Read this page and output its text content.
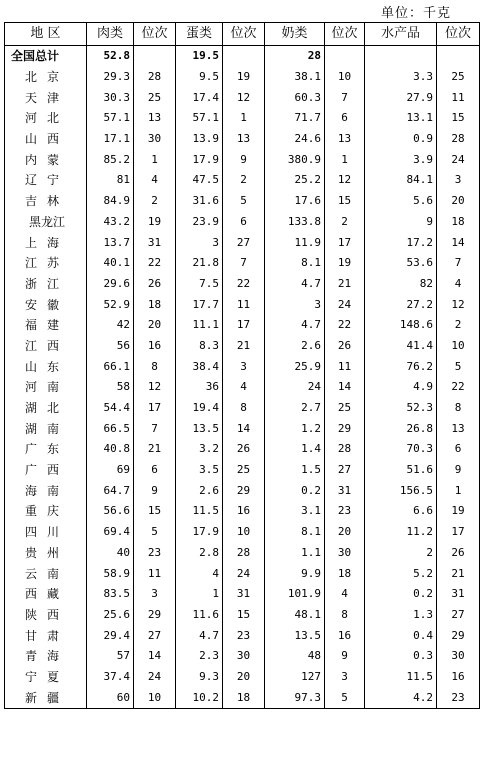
单位：千克
地 区	肉类	位次	蛋类	位次	奶类	位次	水产品	位次
全国总计	52.8		19.5		28			
北京	29.3	28	9.5	19	38.1	10	3.3	25
天津	30.3	25	17.4	12	60.3	7	27.9	11
河北	57.1	13	57.1	1	71.7	6	13.1	15
山西	17.1	30	13.9	13	24.6	13	0.9	28
内蒙	85.2	1	17.9	9	380.9	1	3.9	24
辽宁	81	4	47.5	2	25.2	12	84.1	3
吉林	84.9	2	31.6	5	17.6	15	5.6	20
黑龙江	43.2	19	23.9	6	133.8	2	9	18
上海	13.7	31	3	27	11.9	17	17.2	14
江苏	40.1	22	21.8	7	8.1	19	53.6	7
浙江	29.6	26	7.5	22	4.7	21	82	4
安徽	52.9	18	17.7	11	3	24	27.2	12
福建	42	20	11.1	17	4.7	22	148.6	2
江西	56	16	8.3	21	2.6	26	41.4	10
山东	66.1	8	38.4	3	25.9	11	76.2	5
河南	58	12	36	4	24	14	4.9	22
湖北	54.4	17	19.4	8	2.7	25	52.3	8
湖南	66.5	7	13.5	14	1.2	29	26.8	13
广东	40.8	21	3.2	26	1.4	28	70.3	6
广西	69	6	3.5	25	1.5	27	51.6	9
海南	64.7	9	2.6	29	0.2	31	156.5	1
重庆	56.6	15	11.5	16	3.1	23	6.6	19
四川	69.4	5	17.9	10	8.1	20	11.2	17
贵州	40	23	2.8	28	1.1	30	2	26
云南	58.9	11	4	24	9.9	18	5.2	21
西藏	83.5	3	1	31	101.9	4	0.2	31
陕西	25.6	29	11.6	15	48.1	8	1.3	27
甘肃	29.4	27	4.7	23	13.5	16	0.4	29
青海	57	14	2.3	30	48	9	0.3	30
宁夏	37.4	24	9.3	20	127	3	11.5	16
新疆	60	10	10.2	18	97.3	5	4.2	23
